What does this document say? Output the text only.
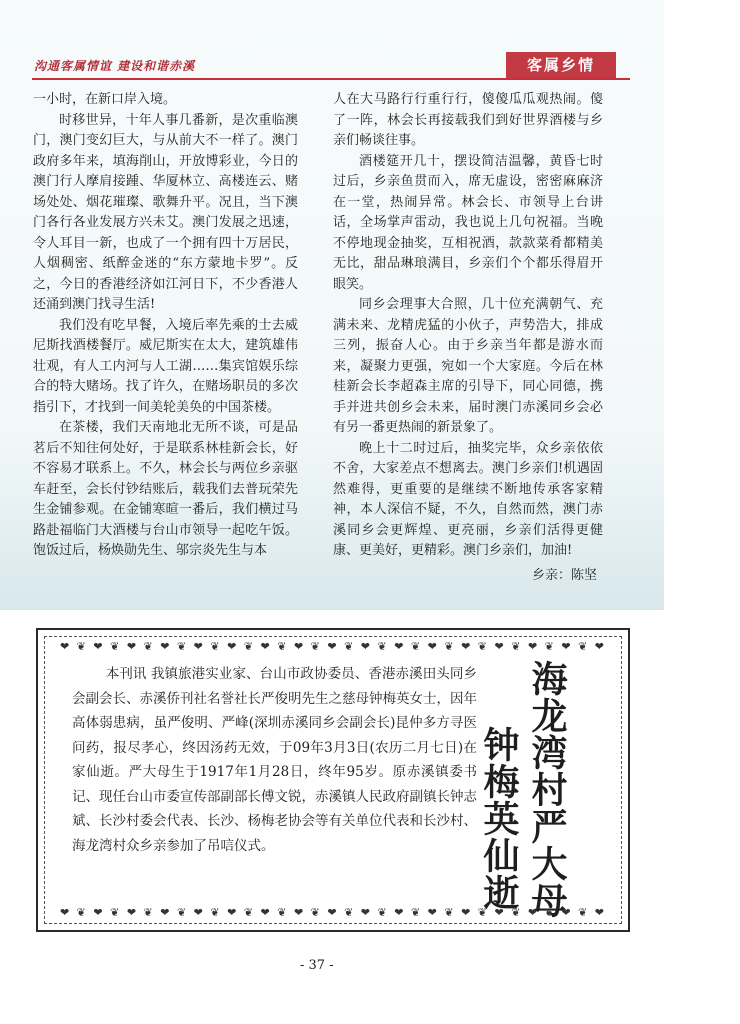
沟通客属情谊 建设和谐赤溪	客属乡情

一小时，在新口岸入境。

时移世异，十年人事几番新，是次重临澳门，澳门变幻巨大，与从前大不一样了。澳门政府多年来，填海削山，开放博彩业，今日的澳门行人摩肩接踵、华厦林立、高楼连云、赌场处处、烟花璀璨、歌舞升平。况且，当下澳门各行各业发展方兴未艾。澳门发展之迅速，令人耳目一新，也成了一个拥有四十万居民，人烟稠密、纸醉金迷的“东方蒙地卡罗”。反之，今日的香港经济如江河日下，不少香港人还涌到澳门找寻生活!

我们没有吃早餐，入境后率先乘的士去威尼斯找酒楼餐厅。威尼斯实在太大，建筑雄伟壮观，有人工内河与人工湖……集宾馆娱乐综合的特大赌场。找了许久，在赌场职员的多次指引下，才找到一间美轮美奂的中国茶楼。

在茶楼，我们天南地北无所不谈，可是品茗后不知往何处好，于是联系林桂新会长，好不容易才联系上。不久，林会长与两位乡亲驱车赶至，会长付钞结账后，载我们去普玩荣先生金铺参观。在金铺寒暄一番后，我们横过马路赴福临门大酒楼与台山市领导一起吃午饭。饱饭过后，杨焕勋先生、邬宗炎先生与本

人在大马路行行重行行，傻傻瓜瓜观热闹。傻了一阵，林会长再接载我们到好世界酒楼与乡亲们畅谈往事。

酒楼筵开几十，摆设简洁温馨，黄昏七时过后，乡亲鱼贯而入，席无虚设，密密麻麻济在一堂，热闹异常。林会长、市领导上台讲话，全场掌声雷动，我也说上几句祝福。当晚不停地现金抽奖，互相祝酒，款款菜肴都精美无比，甜品琳琅满目，乡亲们个个都乐得眉开眼笑。

同乡会理事大合照，几十位充满朝气、充满未来、龙精虎猛的小伙子，声势浩大，排成三列，振奋人心。由于乡亲当年都是游水而来，凝聚力更强，宛如一个大家庭。今后在林桂新会长李超森主席的引导下，同心同德，携手并进共创乡会未来，届时澳门赤溪同乡会必有另一番更热闹的新景象了。

晚上十二时过后，抽奖完毕，众乡亲依依不舍，大家差点不想离去。澳门乡亲们!机遇固然难得，更重要的是继续不断地传承客家精神，本人深信不疑，不久，自然而然，澳门赤溪同乡会更辉煌、更亮丽，乡亲们活得更健康、更美好，更精彩。澳门乡亲们，加油!

乡亲：陈坚
❤ ❦ ❤ ❦ ❤ ❦ ❤ ❦ ❤ ❦ ❤ ❦ ❤ ❦ ❤ ❦ ❤ ❦ ❤ ❦ ❤ ❦ ❤ ❦ ❤ ❦ ❤ ❦ ❤ ❦ ❤ ❦ ❤

本刊讯 我镇旅港实业家、台山市政协委员、香港赤溪田头同乡会副会长、赤溪侨刊社名誉社长严俊明先生之慈母钟梅英女士，因年高体弱患病，虽严俊明、严峰(深圳赤溪同乡会副会长)昆仲多方寻医问药，报尽孝心，终因汤药无效，于09年3月3日(农历二月七日)在家仙逝。严大母生于1917年1月28日，终年95岁。原赤溪镇委书记、现任台山市委宣传部副部长傅文锐，赤溪镇人民政府副镇长钟志斌、长沙村委会代表、长沙、杨梅老协会等有关单位代表和长沙村、海龙湾村众乡亲参加了吊唁仪式。	海龙湾村严大母
钟梅英仙逝
❤ ❦ ❤ ❦ ❤ ❦ ❤ ❦ ❤ ❦ ❤ ❦ ❤ ❦ ❤ ❦ ❤ ❦ ❤ ❦ ❤ ❦ ❤ ❦ ❤ ❦ ❤ ❦ ❤ ❦ ❤ ❦ ❤
- 37 -
